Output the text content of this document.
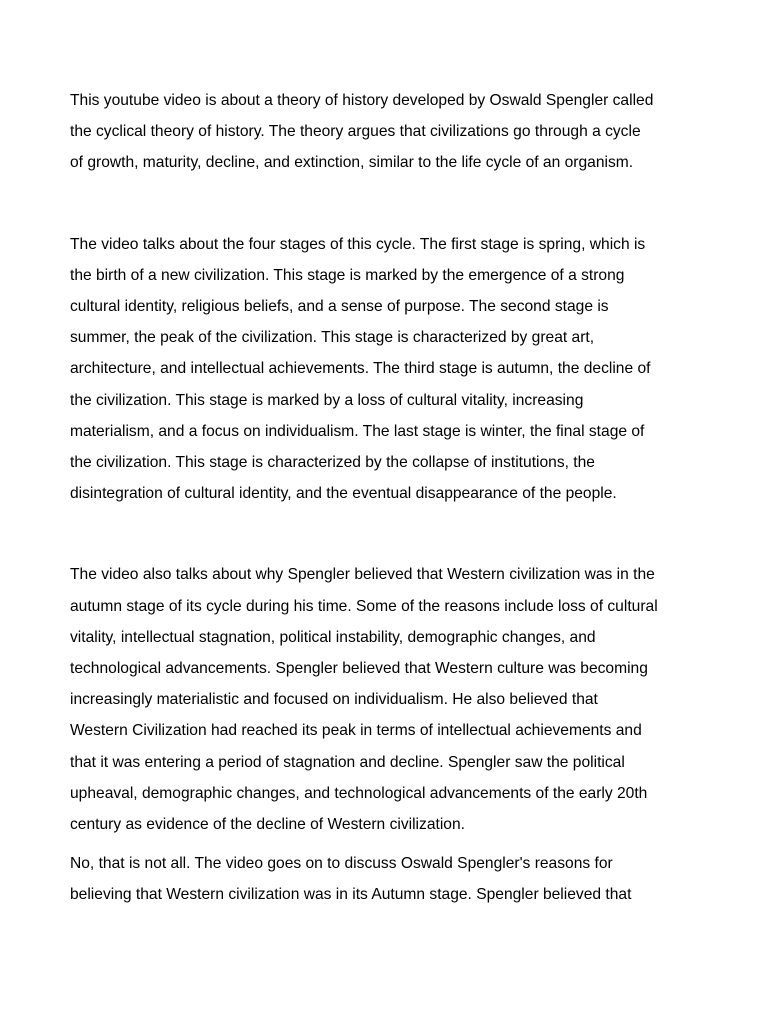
This youtube video is about a theory of history developed by Oswald Spengler called
the cyclical theory of history. The theory argues that civilizations go through a cycle
of growth, maturity, decline, and extinction, similar to the life cycle of an organism.
The video talks about the four stages of this cycle. The first stage is spring, which is
the birth of a new civilization. This stage is marked by the emergence of a strong
cultural identity, religious beliefs, and a sense of purpose. The second stage is
summer, the peak of the civilization. This stage is characterized by great art,
architecture, and intellectual achievements. The third stage is autumn, the decline of
the civilization. This stage is marked by a loss of cultural vitality, increasing
materialism, and a focus on individualism. The last stage is winter, the final stage of
the civilization. This stage is characterized by the collapse of institutions, the
disintegration of cultural identity, and the eventual disappearance of the people.
The video also talks about why Spengler believed that Western civilization was in the
autumn stage of its cycle during his time. Some of the reasons include loss of cultural
vitality, intellectual stagnation, political instability, demographic changes, and
technological advancements. Spengler believed that Western culture was becoming
increasingly materialistic and focused on individualism. He also believed that
Western Civilization had reached its peak in terms of intellectual achievements and
that it was entering a period of stagnation and decline. Spengler saw the political
upheaval, demographic changes, and technological advancements of the early 20th
century as evidence of the decline of Western civilization.
No, that is not all. The video goes on to discuss Oswald Spengler's reasons for
believing that Western civilization was in its Autumn stage. Spengler believed that
